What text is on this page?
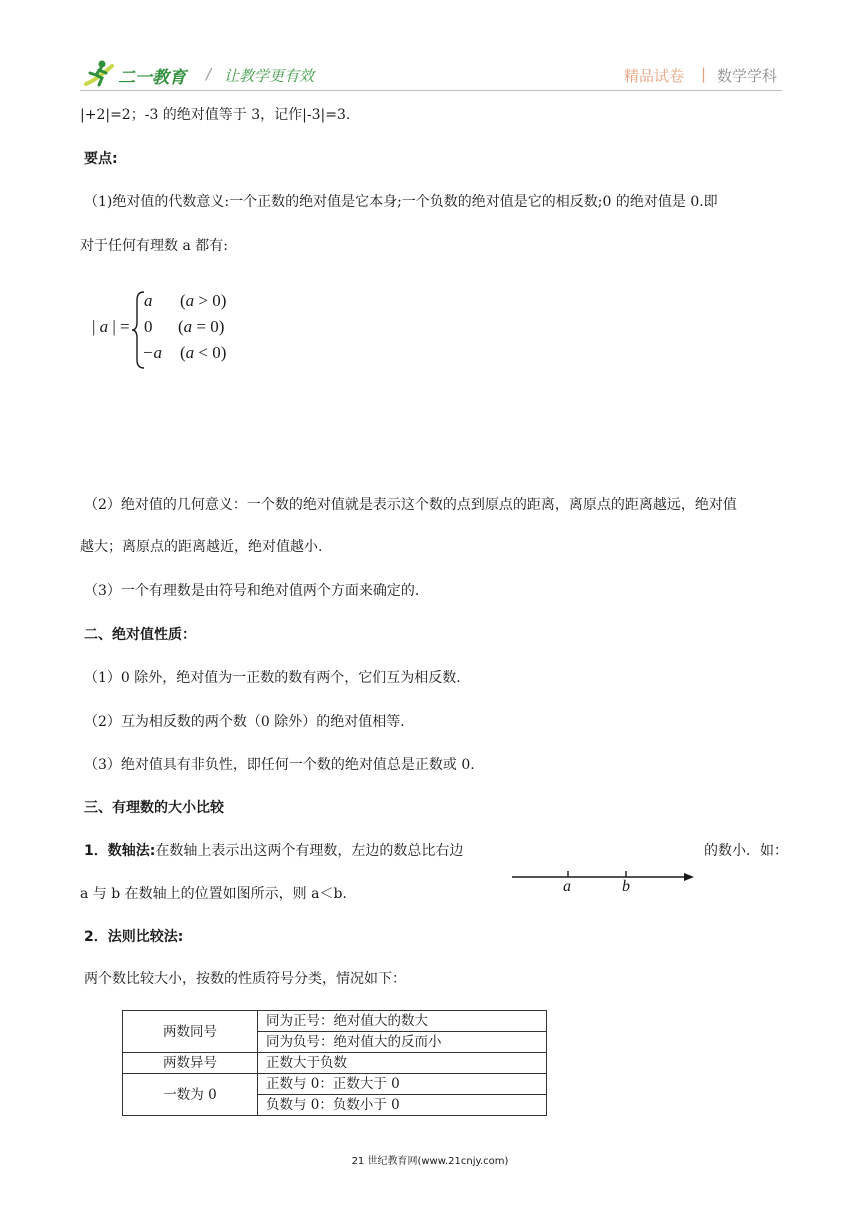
二一教育 / 让教学更有效	精品试卷 | 数学学科
|+2|=2；-3 的绝对值等于 3，记作|-3|=3.
要点:
（1)绝对值的代数意义:一个正数的绝对值是它本身;一个负数的绝对值是它的相反数;0 的绝对值是 0.即
对于任何有理数 a 都有:
| a | =
a (a > 0)
0 (a = 0)
−a (a < 0)
（2）绝对值的几何意义：一个数的绝对值就是表示这个数的点到原点的距离，离原点的距离越远，绝对值
越大；离原点的距离越近，绝对值越小.
（3）一个有理数是由符号和绝对值两个方面来确定的.
二、绝对值性质：
（1）0 除外，绝对值为一正数的数有两个，它们互为相反数.
（2）互为相反数的两个数（0 除外）的绝对值相等.
（3）绝对值具有非负性，即任何一个数的绝对值总是正数或 0.
三、有理数的大小比较
1．数轴法:在数轴上表示出这两个有理数，左边的数总比右边	的数小．如：
a 与 b 在数轴上的位置如图所示，则 a＜b.	a	b
2．法则比较法:
两个数比较大小，按数的性质符号分类，情况如下：
两数同号	同为正号：绝对值大的数大
	同为负号：绝对值大的反而小
两数异号	正数大于负数
一数为 0	正数与 0：正数大于 0
	负数与 0：负数小于 0
21 世纪教育网(www.21cnjy.com)
